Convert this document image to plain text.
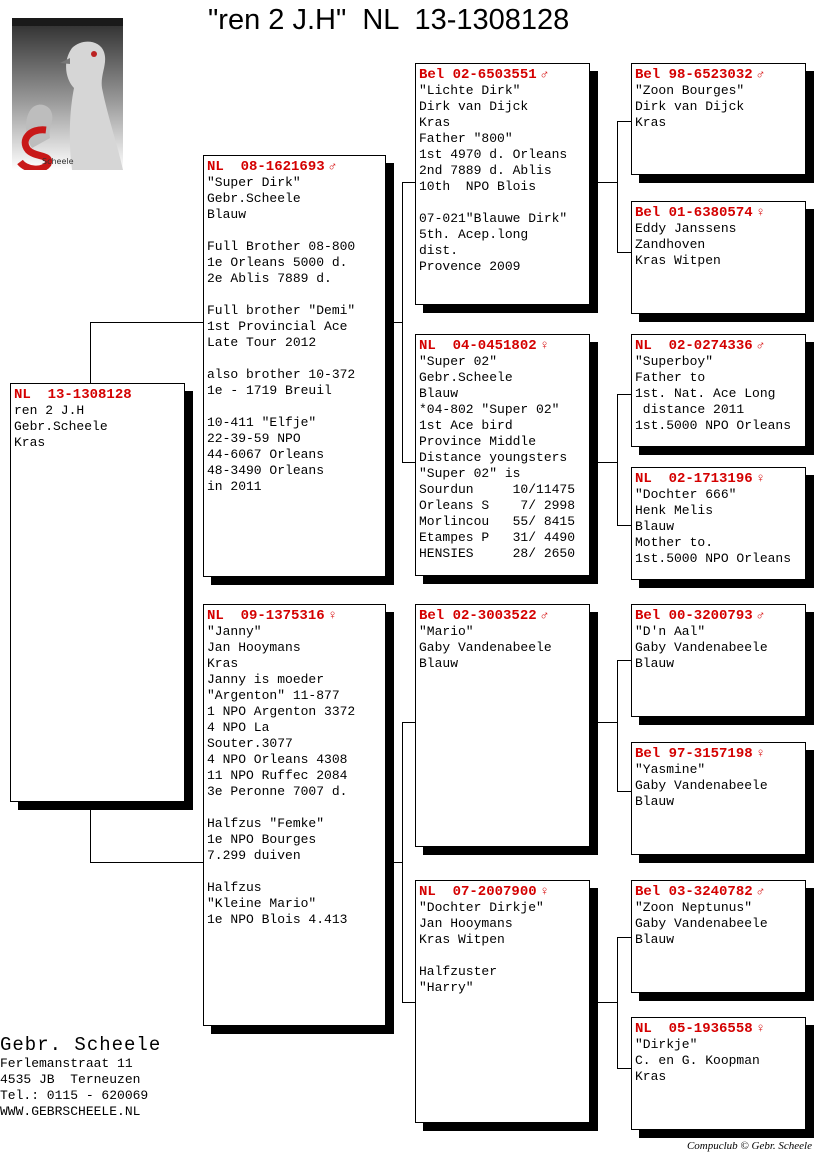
"ren 2 J.H"  NL  13-1308128
Scheele
NL  13-1308128
ren 2 J.H
Gebr.Scheele
Kras
NL  08-1621693 ♂
"Super Dirk"
Gebr.Scheele
Blauw
Full Brother 08-800
1e Orleans 5000 d.
2e Ablis 7889 d.
Full brother "Demi"
1st Provincial Ace
Late Tour 2012
also brother 10-372
1e - 1719 Breuil
10-411 "Elfje"
22-39-59 NPO
44-6067 Orleans
48-3490 Orleans
in 2011
NL  09-1375316 ♀
"Janny"
Jan Hooymans
Kras
Janny is moeder
"Argenton" 11-877
1 NPO Argenton 3372
4 NPO La
Souter.3077
4 NPO Orleans 4308
11 NPO Ruffec 2084
3e Peronne 7007 d.
Halfzus "Femke"
1e NPO Bourges
7.299 duiven
Halfzus
"Kleine Mario"
1e NPO Blois 4.413
Bel 02-6503551 ♂
"Lichte Dirk"
Dirk van Dijck
Kras
Father "800"
1st 4970 d. Orleans
2nd 7889 d. Ablis
10th  NPO Blois
07-021"Blauwe Dirk"
5th. Acep.long
dist.
Provence 2009
NL  04-0451802 ♀
"Super 02"
Gebr.Scheele
Blauw
*04-802 "Super 02"
1st Ace bird
Province Middle
Distance youngsters
"Super 02" is
Sourdun     10/11475
Orleans S    7/ 2998
Morlincou   55/ 8415
Etampes P   31/ 4490
HENSIES     28/ 2650
Bel 02-3003522 ♂
"Mario"
Gaby Vandenabeele
Blauw
NL  07-2007900 ♀
"Dochter Dirkje"
Jan Hooymans
Kras Witpen
Halfzuster
"Harry"
Bel 98-6523032 ♂
"Zoon Bourges"
Dirk van Dijck
Kras
Bel 01-6380574 ♀
Eddy Janssens
Zandhoven
Kras Witpen
NL  02-0274336 ♂
"Superboy"
Father to
1st. Nat. Ace Long
distance 2011
1st.5000 NPO Orleans
NL  02-1713196 ♀
"Dochter 666"
Henk Melis
Blauw
Mother to.
1st.5000 NPO Orleans
Bel 00-3200793 ♂
"D'n Aal"
Gaby Vandenabeele
Blauw
Bel 97-3157198 ♀
"Yasmine"
Gaby Vandenabeele
Blauw
Bel 03-3240782 ♂
"Zoon Neptunus"
Gaby Vandenabeele
Blauw
NL  05-1936558 ♀
"Dirkje"
C. en G. Koopman
Kras
Gebr. Scheele
Ferlemanstraat 11
4535 JB  Terneuzen
Tel.: 0115 - 620069
WWW.GEBRSCHEELE.NL
Compuclub © Gebr. Scheele
